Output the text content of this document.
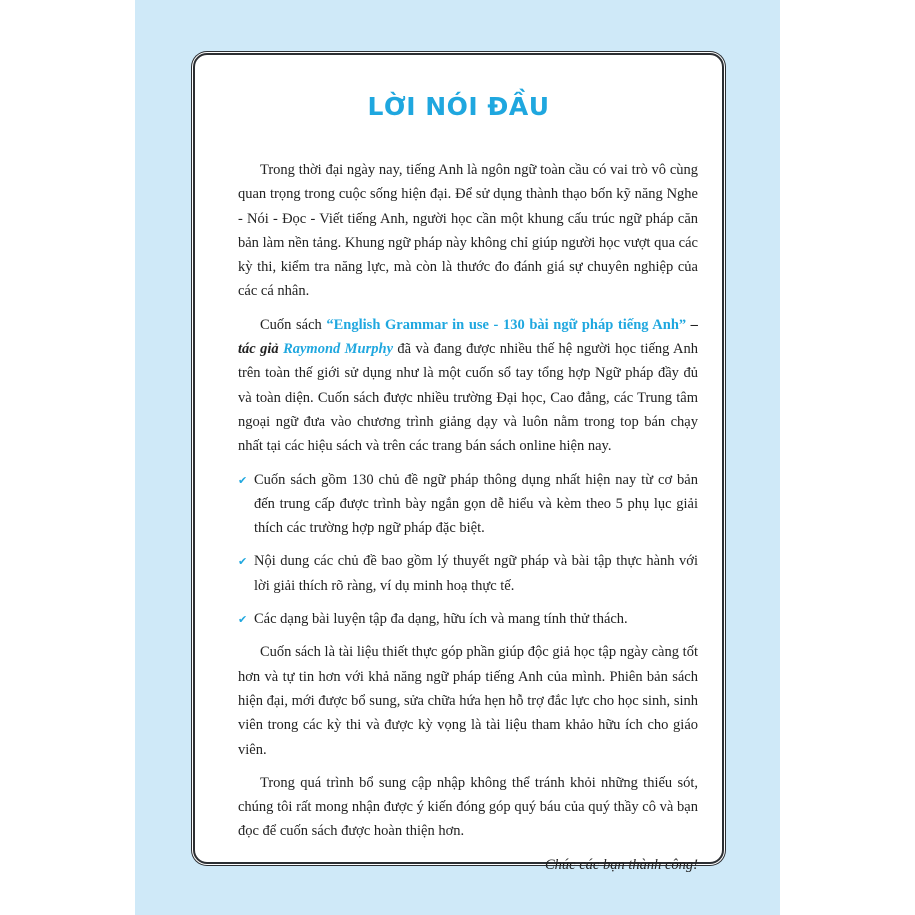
LỜI NÓI ĐẦU

Trong thời đại ngày nay, tiếng Anh là ngôn ngữ toàn cầu có vai trò vô cùng quan trọng trong cuộc sống hiện đại. Để sử dụng thành thạo bốn kỹ năng Nghe - Nói - Đọc - Viết tiếng Anh, người học cần một khung cấu trúc ngữ pháp căn bản làm nền tảng. Khung ngữ pháp này không chỉ giúp người học vượt qua các kỳ thi, kiểm tra năng lực, mà còn là thước đo đánh giá sự chuyên nghiệp của các cá nhân.

Cuốn sách “English Grammar in use - 130 bài ngữ pháp tiếng Anh” – tác giả Raymond Murphy đã và đang được nhiều thế hệ người học tiếng Anh trên toàn thế giới sử dụng như là một cuốn sổ tay tổng hợp Ngữ pháp đầy đủ và toàn diện. Cuốn sách được nhiều trường Đại học, Cao đẳng, các Trung tâm ngoại ngữ đưa vào chương trình giảng dạy và luôn nằm trong top bán chạy nhất tại các hiệu sách và trên các trang bán sách online hiện nay.

✔ Cuốn sách gồm 130 chủ đề ngữ pháp thông dụng nhất hiện nay từ cơ bản đến trung cấp được trình bày ngắn gọn dễ hiểu và kèm theo 5 phụ lục giải thích các trường hợp ngữ pháp đặc biệt.
✔ Nội dung các chủ đề bao gồm lý thuyết ngữ pháp và bài tập thực hành với lời giải thích rõ ràng, ví dụ minh hoạ thực tế.
✔ Các dạng bài luyện tập đa dạng, hữu ích và mang tính thử thách.

Cuốn sách là tài liệu thiết thực góp phần giúp độc giả học tập ngày càng tốt hơn và tự tin hơn với khả năng ngữ pháp tiếng Anh của mình. Phiên bản sách hiện đại, mới được bổ sung, sửa chữa hứa hẹn hỗ trợ đắc lực cho học sinh, sinh viên trong các kỳ thi và được kỳ vọng là tài liệu tham khảo hữu ích cho giáo viên.

Trong quá trình bổ sung cập nhập không thể tránh khỏi những thiếu sót, chúng tôi rất mong nhận được ý kiến đóng góp quý báu của quý thầy cô và bạn đọc để cuốn sách được hoàn thiện hơn.

Chúc các bạn thành công!
